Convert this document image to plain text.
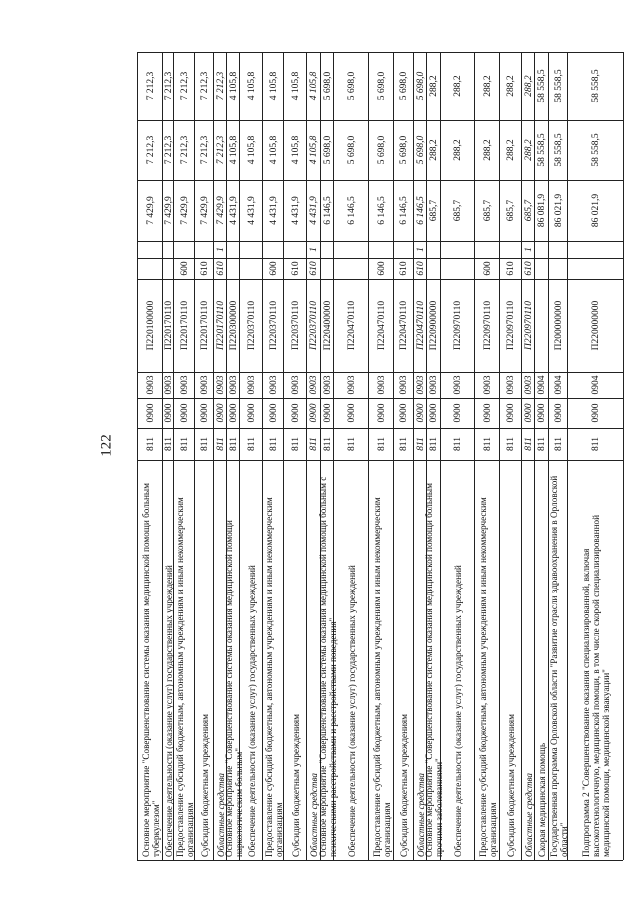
122
Основное мероприятие "Совершенствование системы оказания медицинской помощи больным туберкулезом"
811
0900
0903
П220100000
7 429,9
7 212,3
7 212,3
Обеспечение деятельности (оказание услуг) государственных учреждений
811
0900
0903
П220170110
7 429,9
7 212,3
7 212,3
Предоставление субсидий бюджетным, автономным учреждениям и иным некоммерческим организациям
811
0900
0903
П220170110
600
7 429,9
7 212,3
7 212,3
Субсидии бюджетным учреждениям
811
0900
0903
П220170110
610
7 429,9
7 212,3
7 212,3
Областные средства
811
0900
0903
П220170110
610
1
7 429,9
7 212,3
7 212,3
Основное мероприятие "Совершенствование системы оказания медицинской помощи наркологическим больным"
811
0900
0903
П220300000
4 431,9
4 105,8
4 105,8
Обеспечение деятельности (оказание услуг) государственных учреждений
811
0900
0903
П220370110
4 431,9
4 105,8
4 105,8
Предоставление субсидий бюджетным, автономным учреждениям и иным некоммерческим организациям
811
0900
0903
П220370110
600
4 431,9
4 105,8
4 105,8
Субсидии бюджетным учреждениям
811
0900
0903
П220370110
610
4 431,9
4 105,8
4 105,8
Областные средства
811
0900
0903
П220370110
610
1
4 431,9
4 105,8
4 105,8
Основное мероприятие "Совершенствование системы оказания медицинской помощи больным с психическими расстройствами и расстройствами поведения"
811
0900
0903
П220400000
6 146,5
5 698,0
5 698,0
Обеспечение деятельности (оказание услуг) государственных учреждений
811
0900
0903
П220470110
6 146,5
5 698,0
5 698,0
Предоставление субсидий бюджетным, автономным учреждениям и иным некоммерческим организациям
811
0900
0903
П220470110
600
6 146,5
5 698,0
5 698,0
Субсидии бюджетным учреждениям
811
0900
0903
П220470110
610
6 146,5
5 698,0
5 698,0
Областные средства
811
0900
0903
П220470110
610
1
6 146,5
5 698,0
5 698,0
Основное мероприятие "Совершенствование системы оказания медицинской помощи больным прочими заболеваниями"
811
0900
0903
П220900000
685,7
288,2
288,2
Обеспечение деятельности (оказание услуг) государственных учреждений
811
0900
0903
П220970110
685,7
288,2
288,2
Предоставление субсидий бюджетным, автономным учреждениям и иным некоммерческим организациям
811
0900
0903
П220970110
600
685,7
288,2
288,2
Субсидии бюджетным учреждениям
811
0900
0903
П220970110
610
685,7
288,2
288,2
Областные средства
811
0900
0903
П220970110
610
1
685,7
288,2
288,2
Скорая медицинская помощь
811
0900
0904
86 081,9
58 558,5
58 558,5
Государственная программа Орловской области "Развитие отрасли здравоохранения в Орловской области"
811
0900
0904
П200000000
86 021,9
58 558,5
58 558,5
Подпрограмма 2 "Совершенствование оказания специализированной, включая высокотехнологичную, медицинской помощи, в том числе скорой специализированной медицинской помощи, медицинской эвакуации"
811
0900
0904
П220000000
86 021,9
58 558,5
58 558,5
